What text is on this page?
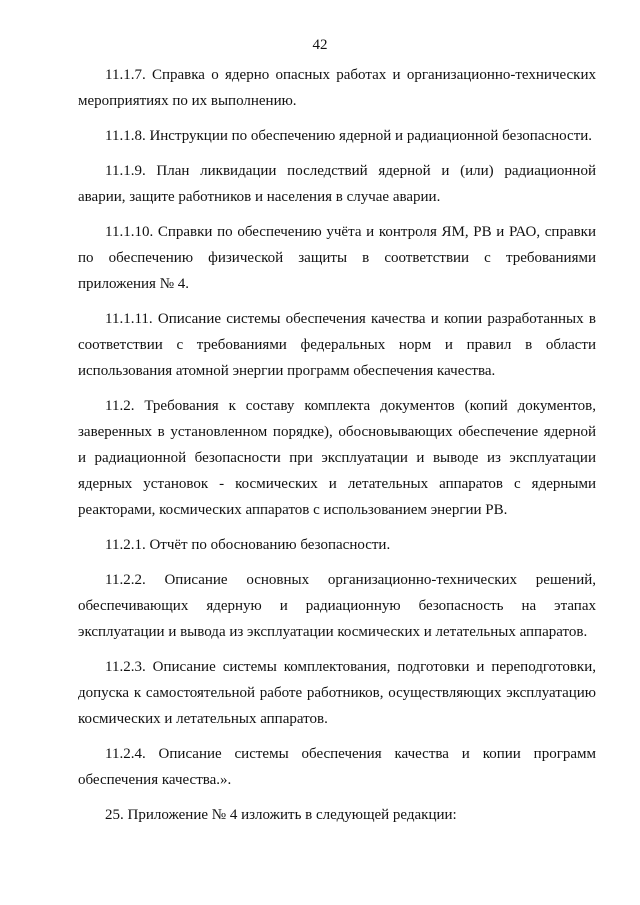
42

11.1.7. Справка о ядерно опасных работах и организационно-технических мероприятиях по их выполнению.

11.1.8. Инструкции по обеспечению ядерной и радиационной безопасности.

11.1.9. План ликвидации последствий ядерной и (или) радиационной аварии, защите работников и населения в случае аварии.

11.1.10. Справки по обеспечению учёта и контроля ЯМ, РВ и РАО, справки по обеспечению физической защиты в соответствии с требованиями приложения № 4.

11.1.11. Описание системы обеспечения качества и копии разработанных в соответствии с требованиями федеральных норм и правил в области использования атомной энергии программ обеспечения качества.

11.2. Требования к составу комплекта документов (копий документов, заверенных в установленном порядке), обосновывающих обеспечение ядерной и радиационной безопасности при эксплуатации и выводе из эксплуатации ядерных установок - космических и летательных аппаратов с ядерными реакторами, космических аппаратов с использованием энергии РВ.

11.2.1. Отчёт по обоснованию безопасности.

11.2.2. Описание основных организационно-технических решений, обеспечивающих ядерную и радиационную безопасность на этапах эксплуатации и вывода из эксплуатации космических и летательных аппаратов.

11.2.3. Описание системы комплектования, подготовки и переподготовки, допуска к самостоятельной работе работников, осуществляющих эксплуатацию космических и летательных аппаратов.

11.2.4. Описание системы обеспечения качества и копии программ обеспечения качества.».

25. Приложение № 4 изложить в следующей редакции:
